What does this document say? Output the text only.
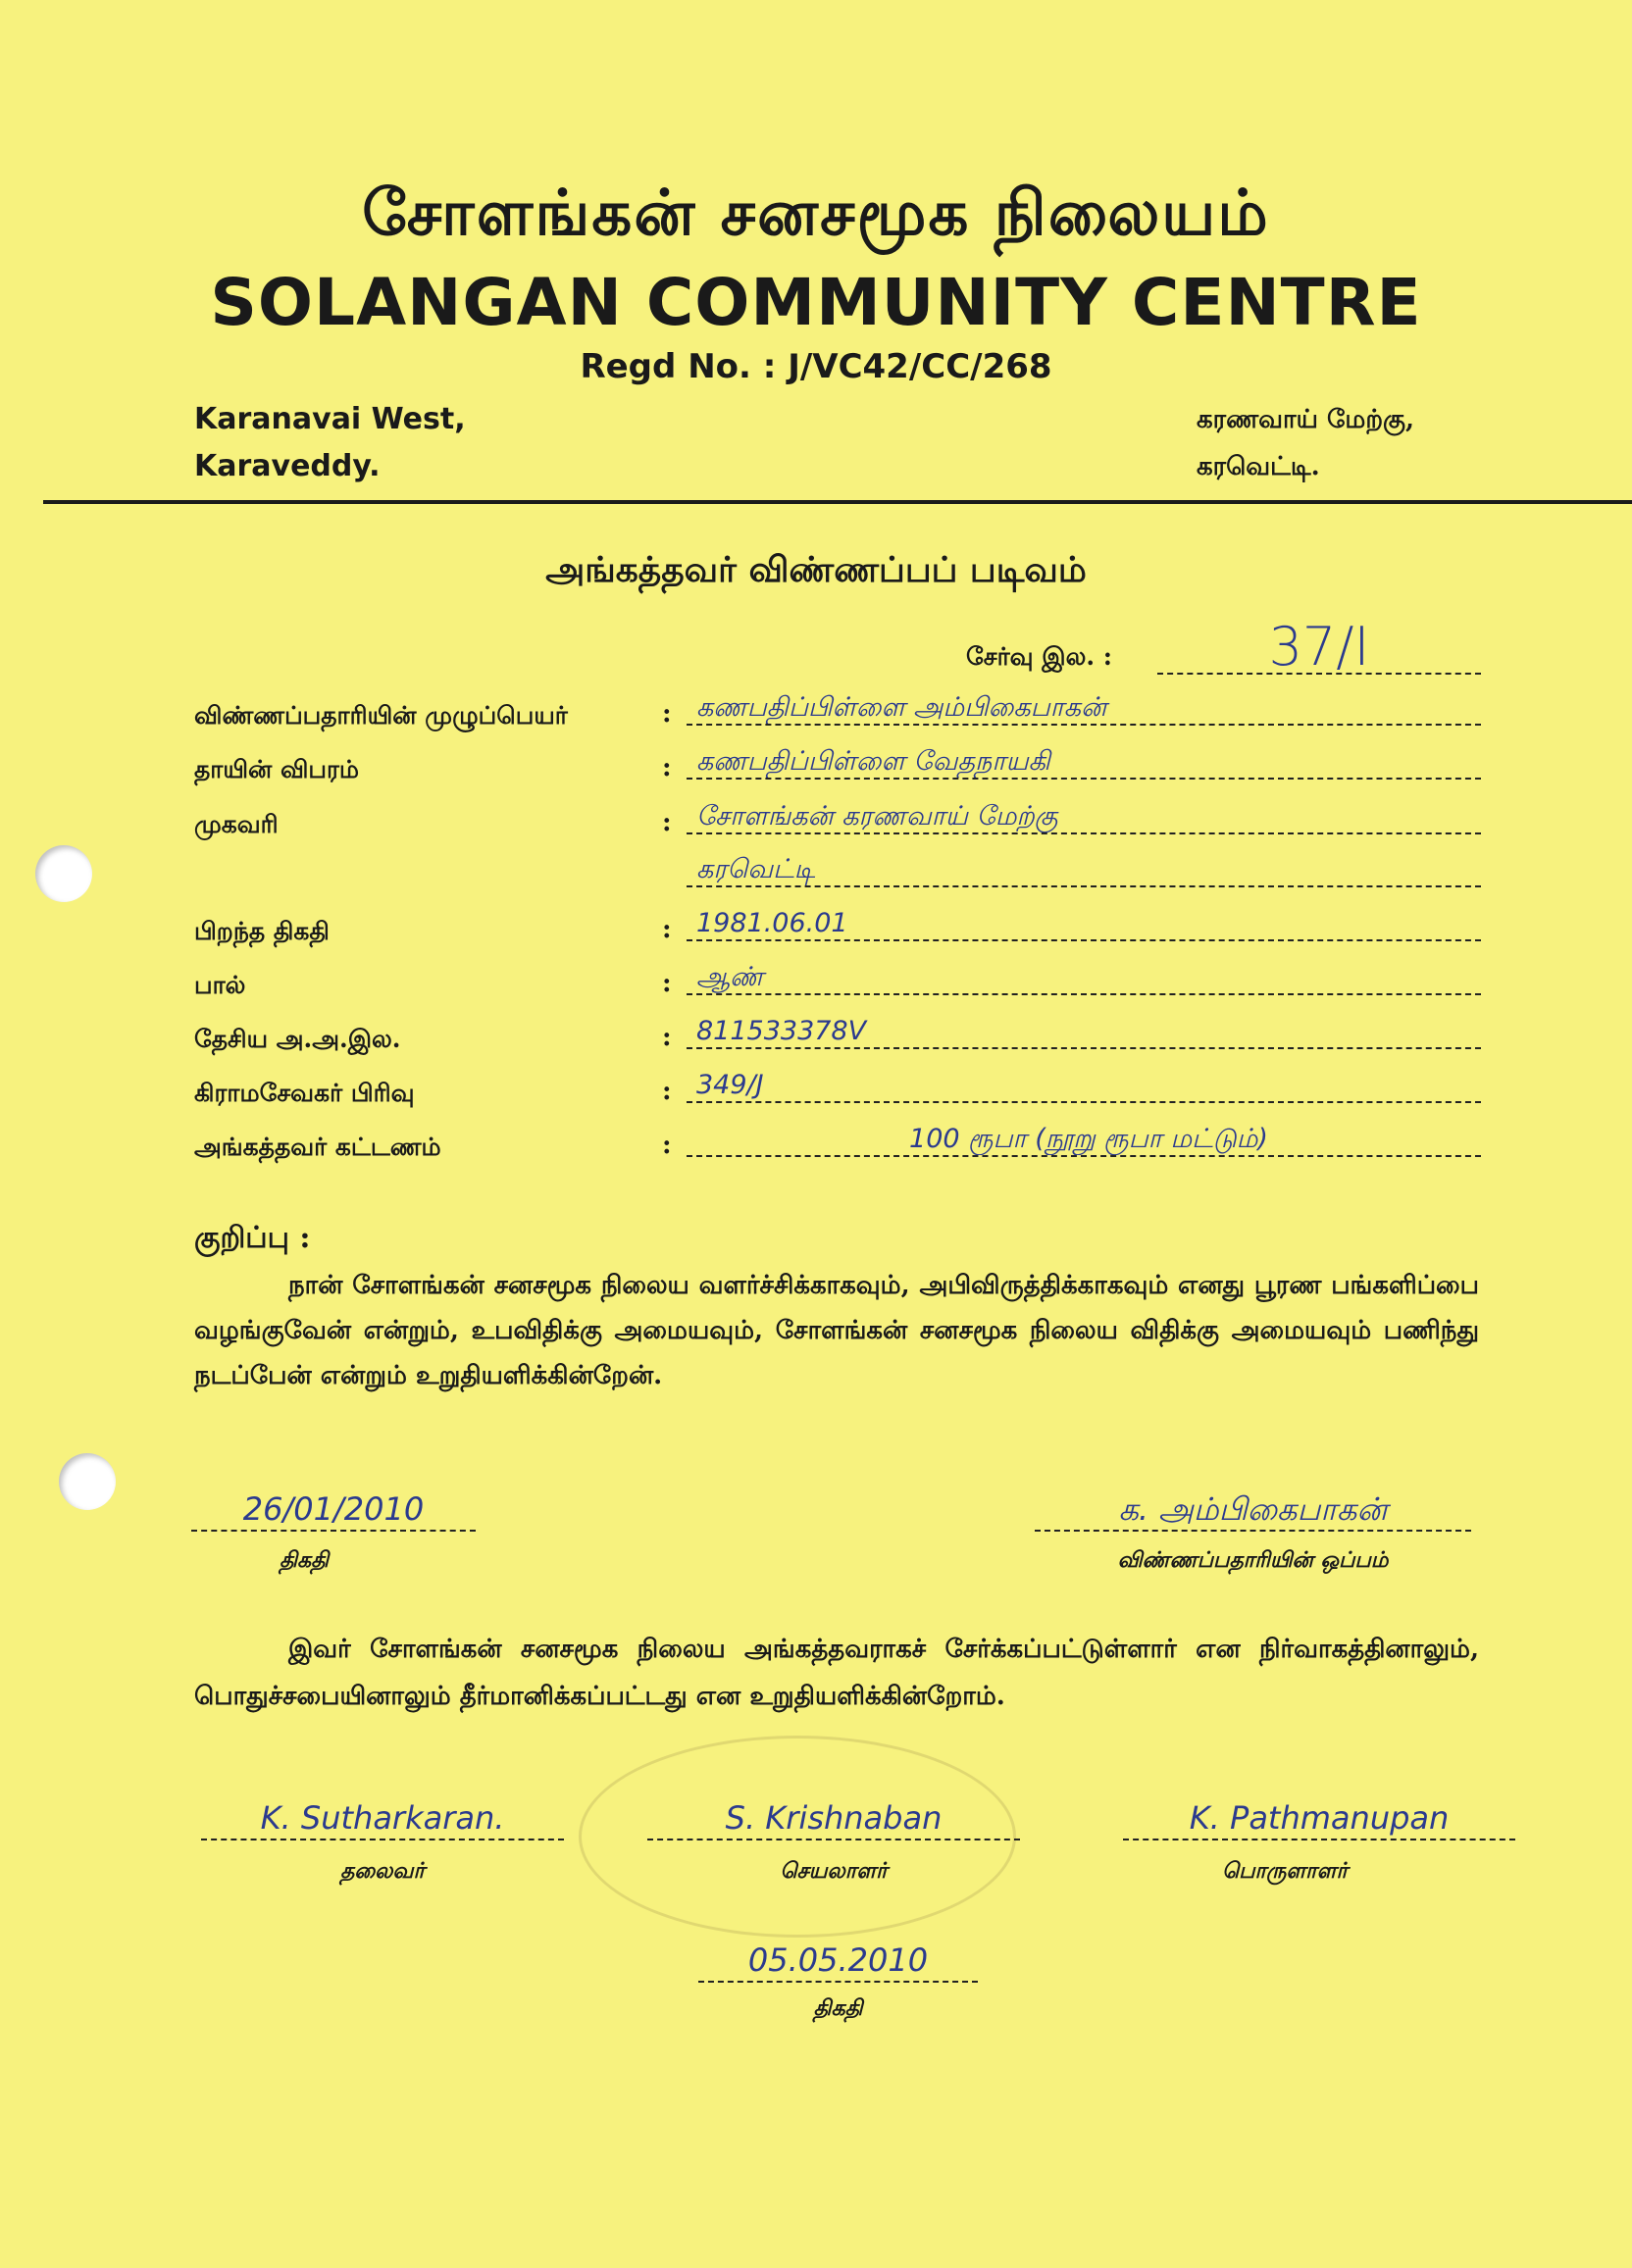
சோளங்கன் சனசமூக நிலையம்
SOLANGAN COMMUNITY CENTRE
Regd No. : J/VC42/CC/268
Karanavai West,
Karaveddy.
கரணவாய் மேற்கு,
கரவெட்டி.
அங்கத்தவர் விண்ணப்பப் படிவம்
சேர்வு இல. :	37/I
விண்ணப்பதாரியின் முழுப்பெயர்	: கணபதிப்பிள்ளை அம்பிகைபாகன்
தாயின் விபரம்	: கணபதிப்பிள்ளை வேதநாயகி
முகவரி	: சோளங்கன் கரணவாய் மேற்கு
கரவெட்டி
பிறந்த திகதி	: 1981.06.01
பால்	: ஆண்
தேசிய அ.அ.இல.	: 811533378V
கிராமசேவகர் பிரிவு	: 349/J
அங்கத்தவர் கட்டணம்	:	100 ரூபா (நூறு ரூபா மட்டும்)
குறிப்பு :
நான் சோளங்கன் சனசமூக நிலைய வளர்ச்சிக்காகவும், அபிவிருத்திக்காகவும் எனது பூரண பங்களிப்பை வழங்குவேன் என்றும், உபவிதிக்கு அமையவும், சோளங்கன் சனசமூக நிலைய விதிக்கு அமையவும் பணிந்து நடப்பேன் என்றும் உறுதியளிக்கின்றேன்.
26/01/2010
திகதி
க. அம்பிகைபாகன்
விண்ணப்பதாரியின் ஒப்பம்
இவர் சோளங்கன் சனசமூக நிலைய அங்கத்தவராகச் சேர்க்கப்பட்டுள்ளார் என நிர்வாகத்தினாலும், பொதுச்சபையினாலும் தீர்மானிக்கப்பட்டது என உறுதியளிக்கின்றோம்.
K. Sutharkaran.
தலைவர்
S. Krishnaban
செயலாளர்
K. Pathmanupan
பொருளாளர்
05.05.2010
திகதி
